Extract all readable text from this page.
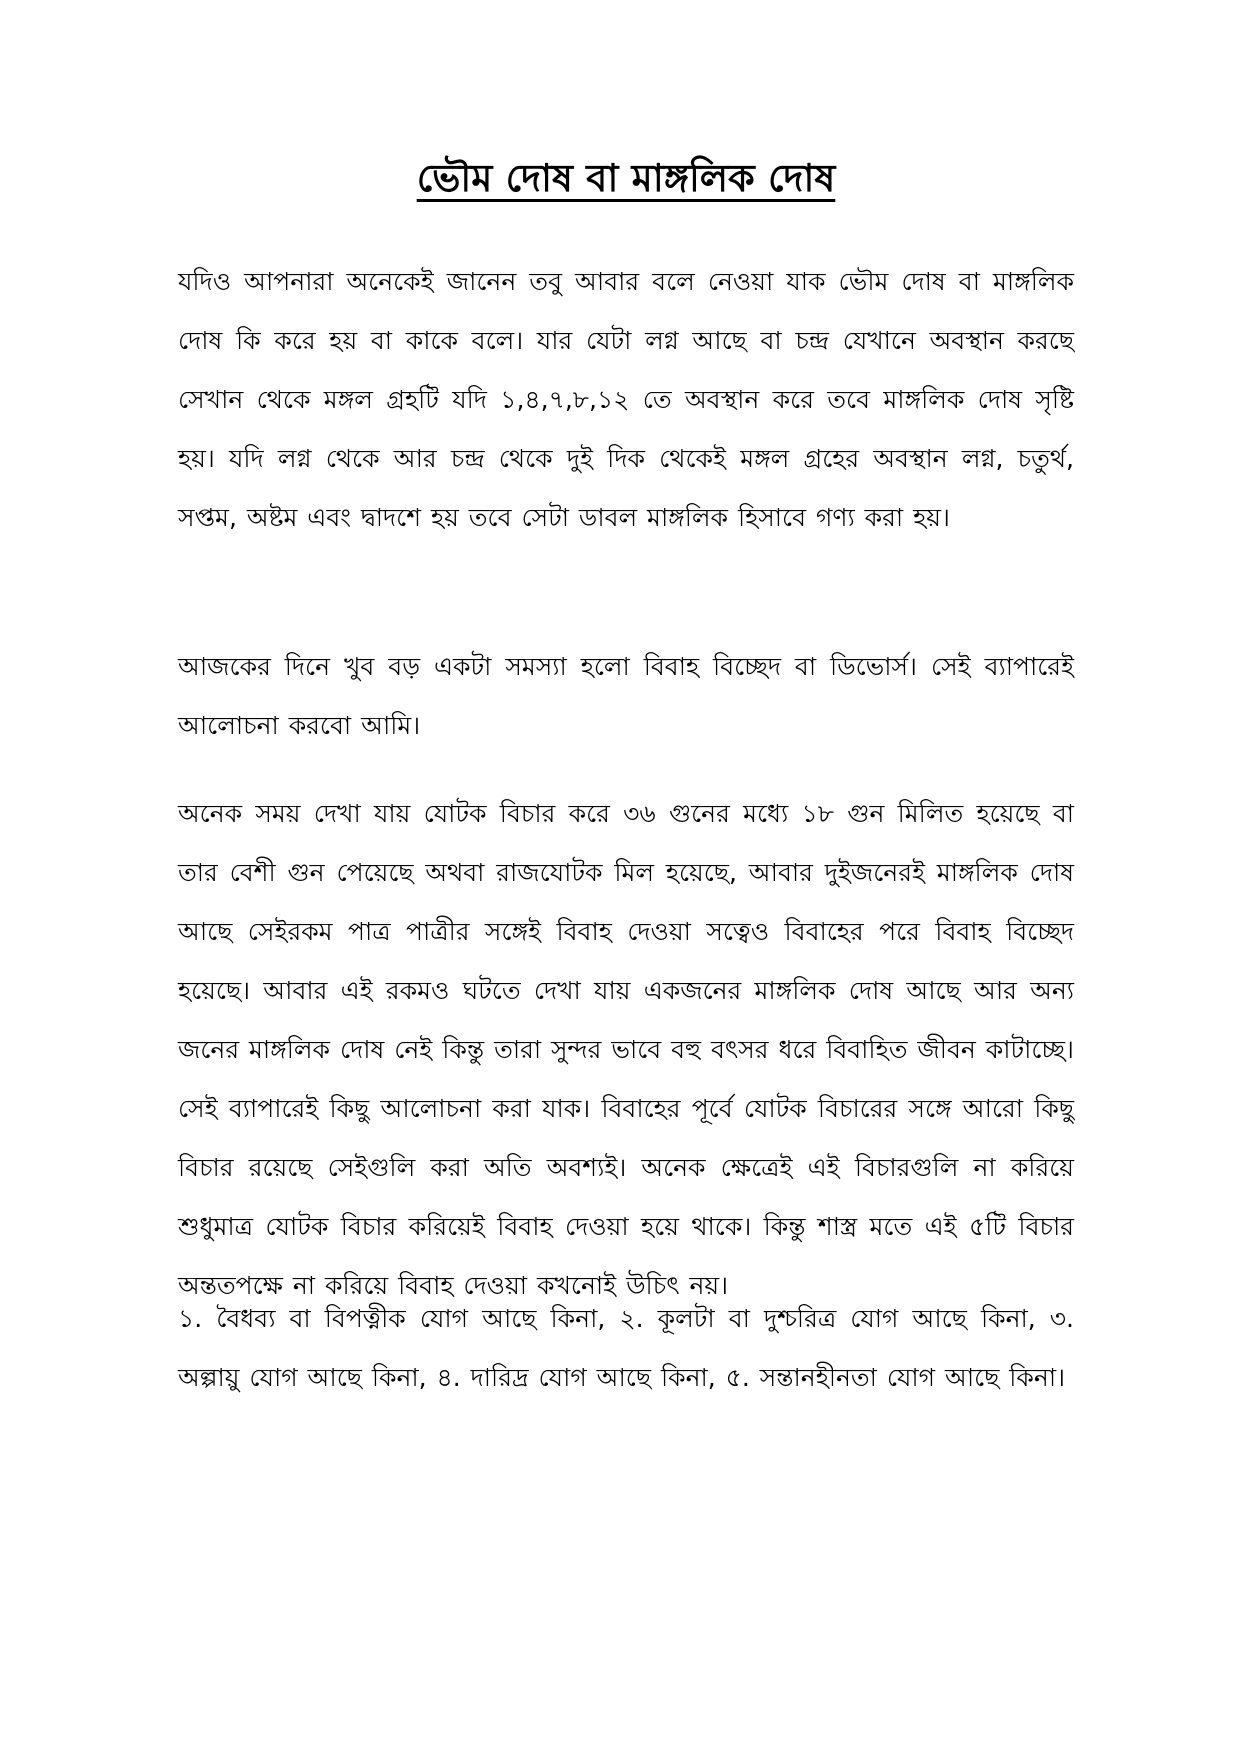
ভৌম দোষ বা মাঙ্গলিক দোষ

যদিও আপনারা অনেকেই জানেন তবু আবার বলে নেওয়া যাক ভৌম দোষ বা মাঙ্গলিক দোষ কি করে হয় বা কাকে বলে। যার যেটা লগ্ন আছে বা চন্দ্র যেখানে অবস্থান করছে সেখান থেকে মঙ্গল গ্রহটি যদি ১,৪,৭,৮,১২ তে অবস্থান করে তবে মাঙ্গলিক দোষ সৃষ্টি হয়। যদি লগ্ন থেকে আর চন্দ্র থেকে দুই দিক থেকেই মঙ্গল গ্রহের অবস্থান লগ্ন, চতুর্থ, সপ্তম, অষ্টম এবং দ্বাদশে হয় তবে সেটা ডাবল মাঙ্গলিক হিসাবে গণ্য করা হয়।

আজকের দিনে খুব বড় একটা সমস্যা হলো বিবাহ বিচ্ছেদ বা ডিভোর্স। সেই ব্যাপারেই আলোচনা করবো আমি।

অনেক সময় দেখা যায় যোটক বিচার করে ৩৬ গুনের মধ্যে ১৮ গুন মিলিত হয়েছে বা তার বেশী গুন পেয়েছে অথবা রাজযোটক মিল হয়েছে, আবার দুইজনেরই মাঙ্গলিক দোষ আছে সেইরকম পাত্র পাত্রীর সঙ্গেই বিবাহ দেওয়া সত্বেও বিবাহের পরে বিবাহ বিচ্ছেদ হয়েছে। আবার এই রকমও ঘটতে দেখা যায় একজনের মাঙ্গলিক দোষ আছে আর অন্য জনের মাঙ্গলিক দোষ নেই কিন্তু তারা সুন্দর ভাবে বহু বৎসর ধরে বিবাহিত জীবন কাটাচ্ছে। সেই ব্যাপারেই কিছু আলোচনা করা যাক। বিবাহের পূর্বে যোটক বিচারের সঙ্গে আরো কিছু বিচার রয়েছে সেইগুলি করা অতি অবশ্যই। অনেক ক্ষেত্রেই এই বিচারগুলি না করিয়ে শুধুমাত্র যোটক বিচার করিয়েই বিবাহ দেওয়া হয়ে থাকে। কিন্তু শাস্ত্র মতে এই ৫টি বিচার অন্ততপক্ষে না করিয়ে বিবাহ দেওয়া কখনোই উচিৎ নয়।

১. বৈধব্য বা বিপত্নীক যোগ আছে কিনা, ২. কূলটা বা দুশ্চরিত্র যোগ আছে কিনা, ৩. অল্পায়ু যোগ আছে কিনা, ৪. দারিদ্র যোগ আছে কিনা, ৫. সন্তানহীনতা যোগ আছে কিনা।
